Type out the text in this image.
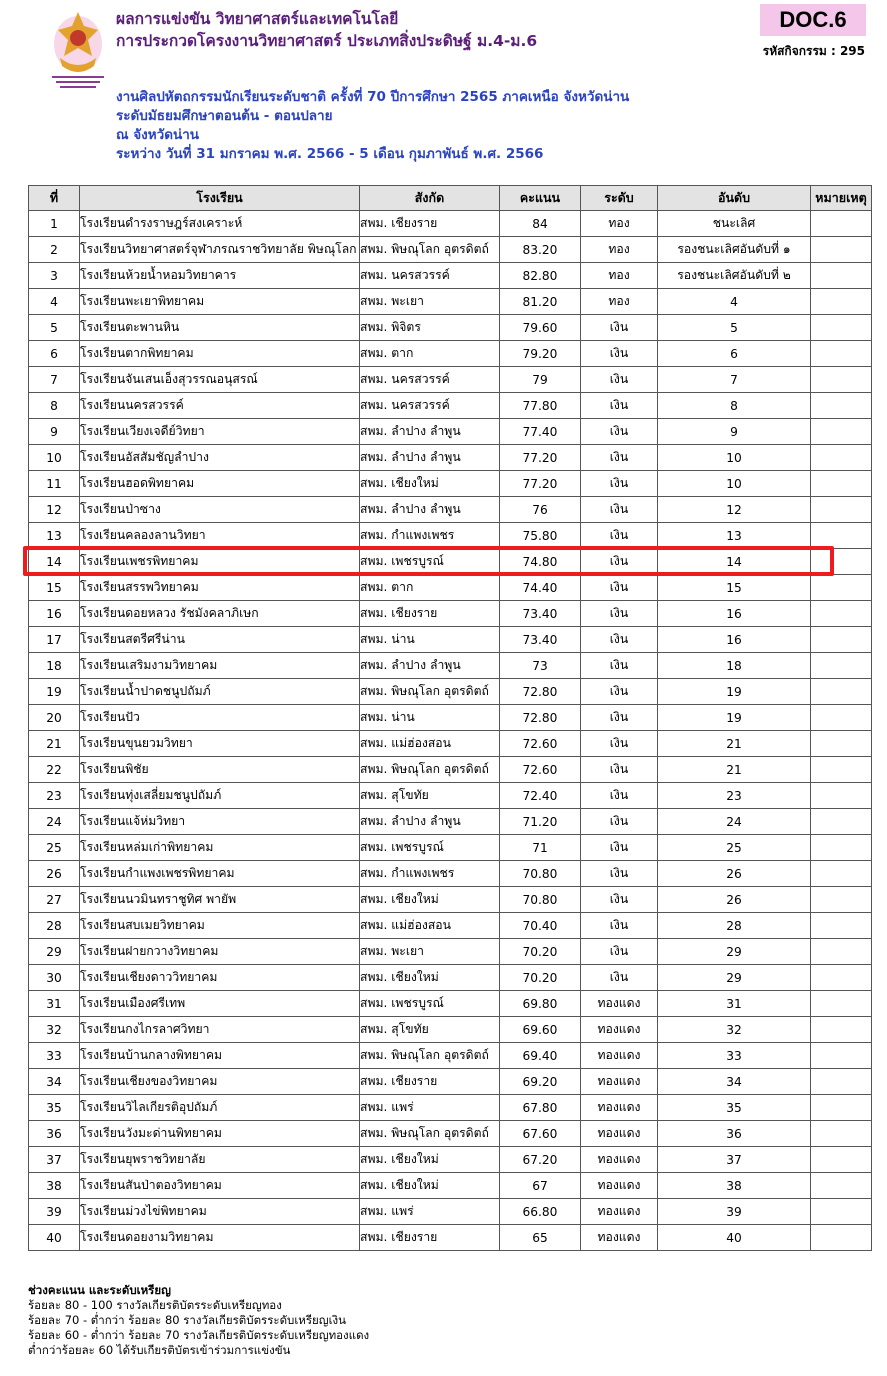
ผลการแข่งขัน วิทยาศาสตร์และเทคโนโลยี
การประกวดโครงงานวิทยาศาสตร์ ประเภทสิ่งประดิษฐ์ ม.4-ม.6
DOC.6
รหัสกิจกรรม : 295
งานศิลปหัตถกรรมนักเรียนระดับชาติ ครั้งที่ 70 ปีการศึกษา 2565 ภาคเหนือ จังหวัดน่าน
ระดับมัธยมศึกษาตอนต้น - ตอนปลาย
ณ จังหวัดน่าน
ระหว่าง วันที่ 31 มกราคม พ.ศ. 2566 - 5 เดือน กุมภาพันธ์ พ.ศ. 2566
ที่	โรงเรียน	สังกัด	คะแนน	ระดับ	อันดับ	หมายเหตุ
1	โรงเรียนดำรงราษฎร์สงเคราะห์	สพม. เชียงราย	84	ทอง	ชนะเลิศ	
2	โรงเรียนวิทยาศาสตร์จุฬาภรณราชวิทยาลัย พิษณุโลก	สพม. พิษณุโลก อุตรดิตถ์	83.20	ทอง	รองชนะเลิศอันดับที่ ๑	
3	โรงเรียนห้วยน้ำหอมวิทยาคาร	สพม. นครสวรรค์	82.80	ทอง	รองชนะเลิศอันดับที่ ๒	
4	โรงเรียนพะเยาพิทยาคม	สพม. พะเยา	81.20	ทอง	4	
5	โรงเรียนตะพานหิน	สพม. พิจิตร	79.60	เงิน	5	
6	โรงเรียนตากพิทยาคม	สพม. ตาก	79.20	เงิน	6	
7	โรงเรียนจันเสนเอ็งสุวรรณอนุสรณ์	สพม. นครสวรรค์	79	เงิน	7	
8	โรงเรียนนครสวรรค์	สพม. นครสวรรค์	77.80	เงิน	8	
9	โรงเรียนเวียงเจดีย์วิทยา	สพม. ลำปาง ลำพูน	77.40	เงิน	9	
10	โรงเรียนอัสสัมชัญลำปาง	สพม. ลำปาง ลำพูน	77.20	เงิน	10	
11	โรงเรียนฮอดพิทยาคม	สพม. เชียงใหม่	77.20	เงิน	10	
12	โรงเรียนป่าซาง	สพม. ลำปาง ลำพูน	76	เงิน	12	
13	โรงเรียนคลองลานวิทยา	สพม. กำแพงเพชร	75.80	เงิน	13	
14	โรงเรียนเพชรพิทยาคม	สพม. เพชรบูรณ์	74.80	เงิน	14	
15	โรงเรียนสรรพวิทยาคม	สพม. ตาก	74.40	เงิน	15	
16	โรงเรียนดอยหลวง รัชมังคลาภิเษก	สพม. เชียงราย	73.40	เงิน	16	
17	โรงเรียนสตรีศรีน่าน	สพม. น่าน	73.40	เงิน	16	
18	โรงเรียนเสริมงามวิทยาคม	สพม. ลำปาง ลำพูน	73	เงิน	18	
19	โรงเรียนน้ำปาดชนูปถัมภ์	สพม. พิษณุโลก อุตรดิตถ์	72.80	เงิน	19	
20	โรงเรียนปัว	สพม. น่าน	72.80	เงิน	19	
21	โรงเรียนขุนยวมวิทยา	สพม. แม่ฮ่องสอน	72.60	เงิน	21	
22	โรงเรียนพิชัย	สพม. พิษณุโลก อุตรดิตถ์	72.60	เงิน	21	
23	โรงเรียนทุ่งเสลี่ยมชนูปถัมภ์	สพม. สุโขทัย	72.40	เงิน	23	
24	โรงเรียนแจ้ห่มวิทยา	สพม. ลำปาง ลำพูน	71.20	เงิน	24	
25	โรงเรียนหล่มเก่าพิทยาคม	สพม. เพชรบูรณ์	71	เงิน	25	
26	โรงเรียนกำแพงเพชรพิทยาคม	สพม. กำแพงเพชร	70.80	เงิน	26	
27	โรงเรียนนวมินทราชูทิศ พายัพ	สพม. เชียงใหม่	70.80	เงิน	26	
28	โรงเรียนสบเมยวิทยาคม	สพม. แม่ฮ่องสอน	70.40	เงิน	28	
29	โรงเรียนฝายกวางวิทยาคม	สพม. พะเยา	70.20	เงิน	29	
30	โรงเรียนเชียงดาววิทยาคม	สพม. เชียงใหม่	70.20	เงิน	29	
31	โรงเรียนเมืองศรีเทพ	สพม. เพชรบูรณ์	69.80	ทองแดง	31	
32	โรงเรียนกงไกรลาศวิทยา	สพม. สุโขทัย	69.60	ทองแดง	32	
33	โรงเรียนบ้านกลางพิทยาคม	สพม. พิษณุโลก อุตรดิตถ์	69.40	ทองแดง	33	
34	โรงเรียนเชียงของวิทยาคม	สพม. เชียงราย	69.20	ทองแดง	34	
35	โรงเรียนวิไลเกียรติอุปถัมภ์	สพม. แพร่	67.80	ทองแดง	35	
36	โรงเรียนวังมะด่านพิทยาคม	สพม. พิษณุโลก อุตรดิตถ์	67.60	ทองแดง	36	
37	โรงเรียนยุพราชวิทยาลัย	สพม. เชียงใหม่	67.20	ทองแดง	37	
38	โรงเรียนสันป่าตองวิทยาคม	สพม. เชียงใหม่	67	ทองแดง	38	
39	โรงเรียนม่วงไข่พิทยาคม	สพม. แพร่	66.80	ทองแดง	39	
40	โรงเรียนดอยงามวิทยาคม	สพม. เชียงราย	65	ทองแดง	40	
ช่วงคะแนน และระดับเหรียญ
ร้อยละ 80 - 100 รางวัลเกียรติบัตรระดับเหรียญทอง
ร้อยละ 70 - ต่ำกว่า ร้อยละ 80 รางวัลเกียรติบัตรระดับเหรียญเงิน
ร้อยละ 60 - ต่ำกว่า ร้อยละ 70 รางวัลเกียรติบัตรระดับเหรียญทองแดง
ต่ำกว่าร้อยละ 60 ได้รับเกียรติบัตรเข้าร่วมการแข่งขัน
